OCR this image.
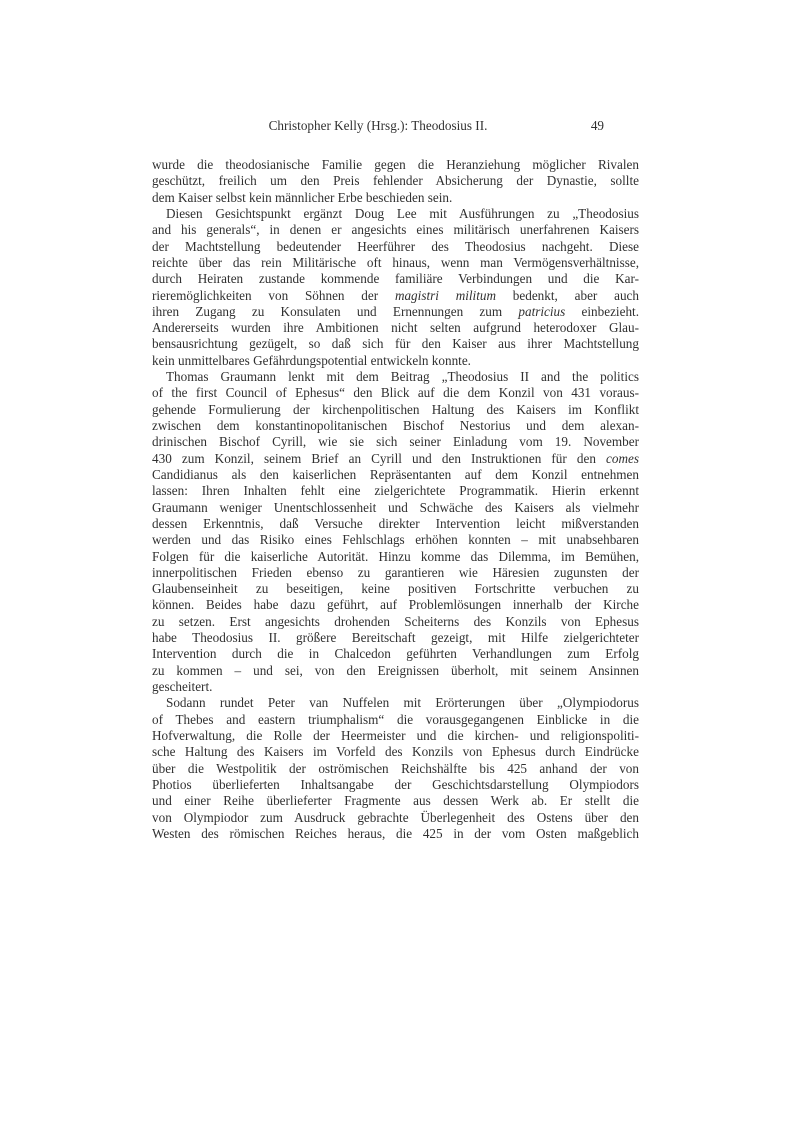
Christopher Kelly (Hrsg.): Theodosius II.	49
wurde die theodosianische Familie gegen die Heranziehung möglicher Rivalen
geschützt, freilich um den Preis fehlender Absicherung der Dynastie, sollte
dem Kaiser selbst kein männlicher Erbe beschieden sein.
Diesen Gesichtspunkt ergänzt Doug Lee mit Ausführungen zu „Theodosius
and his generals“, in denen er angesichts eines militärisch unerfahrenen Kaisers
der Machtstellung bedeutender Heerführer des Theodosius nachgeht. Diese
reichte über das rein Militärische oft hinaus, wenn man Vermögensverhältnisse,
durch Heiraten zustande kommende familiäre Verbindungen und die Kar-
rieremöglichkeiten von Söhnen der magistri militum bedenkt, aber auch
ihren Zugang zu Konsulaten und Ernennungen zum patricius einbezieht.
Andererseits wurden ihre Ambitionen nicht selten aufgrund heterodoxer Glau-
bensausrichtung gezügelt, so daß sich für den Kaiser aus ihrer Machtstellung
kein unmittelbares Gefährdungspotential entwickeln konnte.
Thomas Graumann lenkt mit dem Beitrag „Theodosius II and the politics
of the first Council of Ephesus“ den Blick auf die dem Konzil von 431 voraus-
gehende Formulierung der kirchenpolitischen Haltung des Kaisers im Konflikt
zwischen dem konstantinopolitanischen Bischof Nestorius und dem alexan-
drinischen Bischof Cyrill, wie sie sich seiner Einladung vom 19. November
430 zum Konzil, seinem Brief an Cyrill und den Instruktionen für den comes
Candidianus als den kaiserlichen Repräsentanten auf dem Konzil entnehmen
lassen: Ihren Inhalten fehlt eine zielgerichtete Programmatik. Hierin erkennt
Graumann weniger Unentschlossenheit und Schwäche des Kaisers als vielmehr
dessen Erkenntnis, daß Versuche direkter Intervention leicht mißverstanden
werden und das Risiko eines Fehlschlags erhöhen konnten – mit unabsehbaren
Folgen für die kaiserliche Autorität. Hinzu komme das Dilemma, im Bemühen,
innerpolitischen Frieden ebenso zu garantieren wie Häresien zugunsten der
Glaubenseinheit zu beseitigen, keine positiven Fortschritte verbuchen zu
können. Beides habe dazu geführt, auf Problemlösungen innerhalb der Kirche
zu setzen. Erst angesichts drohenden Scheiterns des Konzils von Ephesus
habe Theodosius II. größere Bereitschaft gezeigt, mit Hilfe zielgerichteter
Intervention durch die in Chalcedon geführten Verhandlungen zum Erfolg
zu kommen – und sei, von den Ereignissen überholt, mit seinem Ansinnen
gescheitert.
Sodann rundet Peter van Nuffelen mit Erörterungen über „Olympiodorus
of Thebes and eastern triumphalism“ die vorausgegangenen Einblicke in die
Hofverwaltung, die Rolle der Heermeister und die kirchen- und religionspoliti-
sche Haltung des Kaisers im Vorfeld des Konzils von Ephesus durch Eindrücke
über die Westpolitik der oströmischen Reichshälfte bis 425 anhand der von
Photios überlieferten Inhaltsangabe der Geschichtsdarstellung Olympiodors
und einer Reihe überlieferter Fragmente aus dessen Werk ab. Er stellt die
von Olympiodor zum Ausdruck gebrachte Überlegenheit des Ostens über den
Westen des römischen Reiches heraus, die 425 in der vom Osten maßgeblich
